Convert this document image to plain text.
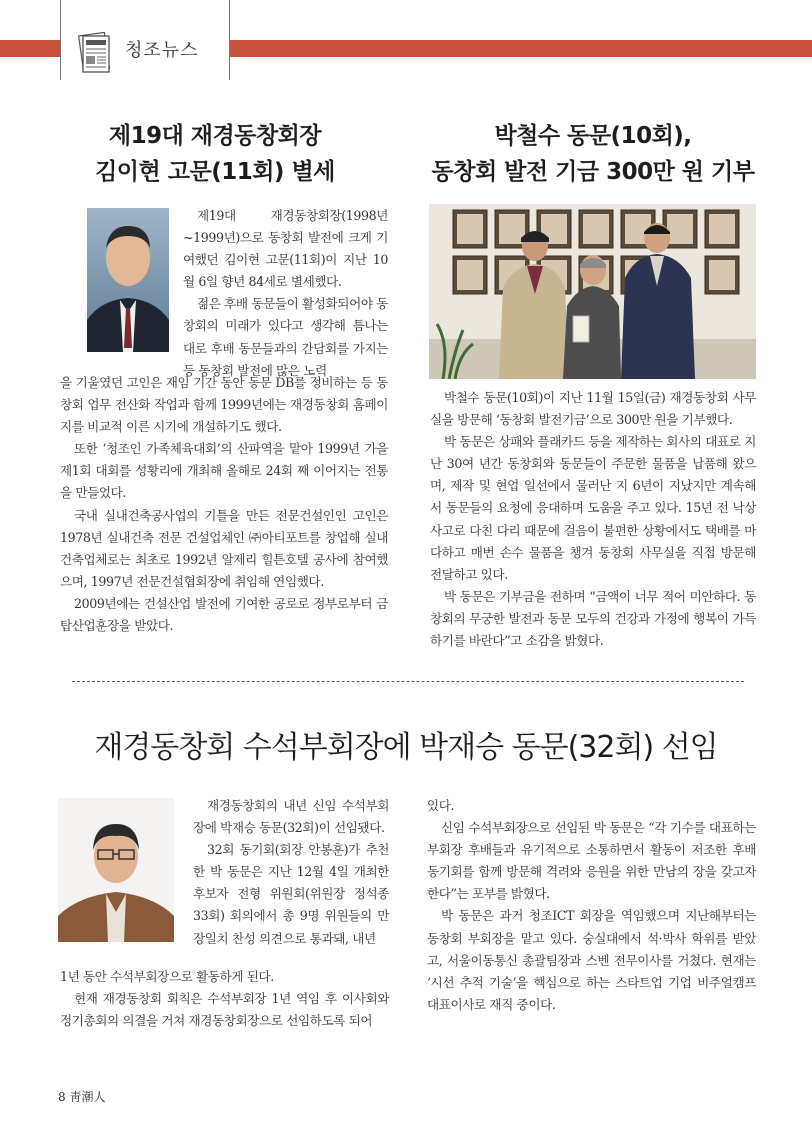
청조뉴스
제19대 재경동창회장
김이현 고문(11회) 별세

제19대 재경동창회장(1998년~1999년)으로 동창회 발전에 크게 기여했던 김이현 고문(11회)이 지난 10월 6일 향년 84세로 별세했다.

젊은 후배 동문들이 활성화되어야 동창회의 미래가 있다고 생각해 틈나는 대로 후배 동문들과의 간담회를 가지는 등 동창회 발전에 많은 노력

을 기울였던 고인은 재임 기간 동안 동문 DB를 정비하는 등 동창회 업무 전산화 작업과 함께 1999년에는 재경동창회 홈페이지를 비교적 이른 시기에 개설하기도 했다.

또한 ‘청조인 가족체육대회’의 산파역을 맡아 1999년 가을 제1회 대회를 성황리에 개최해 올해로 24회 째 이어지는 전통을 만들었다.

국내 실내건축공사업의 기틀을 만든 전문건설인인 고인은 1978년 실내건축 전문 건설업체인 ㈜아티포트를 창업해 실내건축업체로는 최초로 1992년 알제리 힐튼호텔 공사에 참여했으며, 1997년 전문건설협회장에 취임해 연임했다.

2009년에는 건설산업 발전에 기여한 공로로 정부로부터 금탑산업훈장을 받았다.

박철수 동문(10회),
동창회 발전 기금 300만 원 기부

박철수 동문(10회)이 지난 11월 15일(금) 재경동창회 사무실을 방문해 ‘동창회 발전기금’으로 300만 원을 기부했다.

박 동문은 상패와 플래카드 등을 제작하는 회사의 대표로 지난 30여 년간 동창회와 동문들이 주문한 물품을 납품해 왔으며, 제작 및 현업 일선에서 물러난 지 6년이 지났지만 계속해서 동문들의 요청에 응대하며 도움을 주고 있다. 15년 전 낙상 사고로 다친 다리 때문에 걸음이 불편한 상황에서도 택배를 마다하고 매번 손수 물품을 챙겨 동창회 사무실을 직접 방문해 전달하고 있다.

박 동문은 기부금을 전하며 “금액이 너무 적어 미안하다. 동창회의 무궁한 발전과 동문 모두의 건강과 가정에 행복이 가득하기를 바란다”고 소감을 밝혔다.

재경동창회 수석부회장에 박재승 동문(32회) 선임

재경동창회의 내년 신임 수석부회장에 박재승 동문(32회)이 선임됐다.

32회 동기회(회장 안봉훈)가 추천한 박 동문은 지난 12월 4일 개최한 후보자 전형 위원회(위원장 정석종 33회) 회의에서 총 9명 위원들의 만장일치 찬성 의견으로 통과돼, 내년

1년 동안 수석부회장으로 활동하게 된다.

현재 재경동창회 회칙은 수석부회장 1년 역임 후 이사회와 정기총회의 의결을 거쳐 재경동창회장으로 선임하도록 되어

있다.

신임 수석부회장으로 선임된 박 동문은 “각 기수를 대표하는 부회장 후배들과 유기적으로 소통하면서 활동이 저조한 후배 동기회를 함께 방문해 격려와 응원을 위한 만남의 장을 갖고자 한다”는 포부를 밝혔다.

박 동문은 과거 청조ICT 회장을 역임했으며 지난해부터는 동창회 부회장을 맡고 있다. 숭실대에서 석·박사 학위를 받았고, 서울이동통신 총괄팀장과 스벤 전무이사를 거쳤다. 현재는 ‘시선 추적 기술’을 핵심으로 하는 스타트업 기업 비주얼캠프 대표이사로 재직 중이다.

8 靑潮人
